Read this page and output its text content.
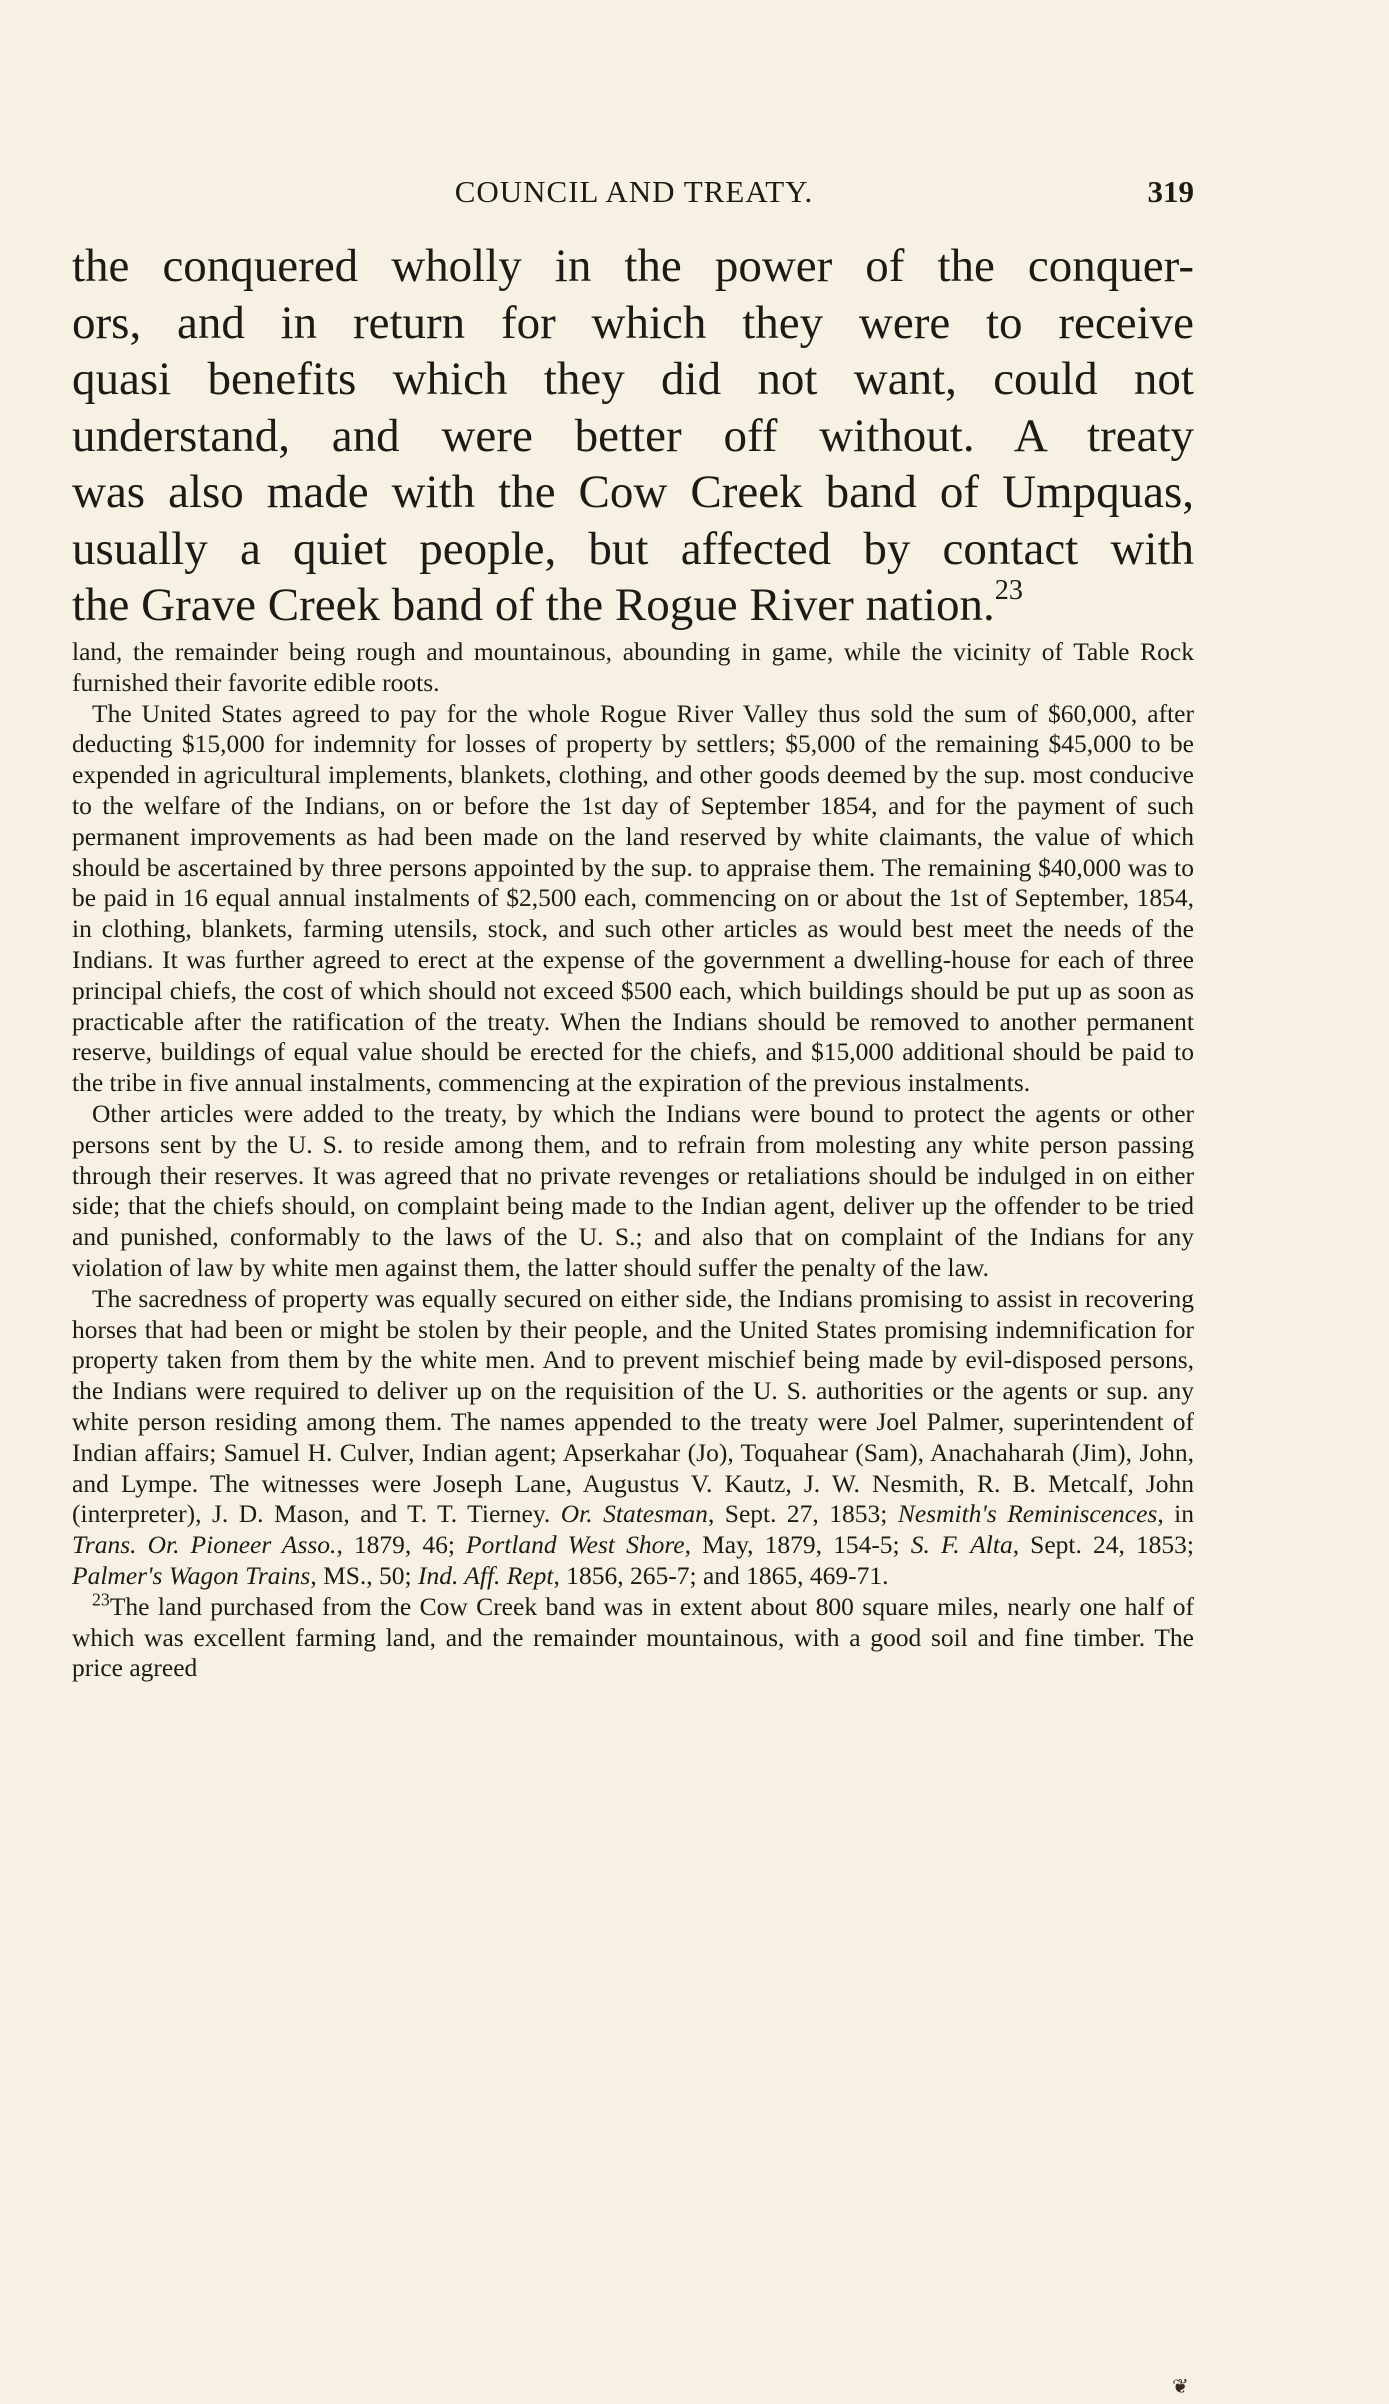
COUNCIL AND TREATY.	319

the conquered wholly in the power of the conquer-

ors, and in return for which they were to receive

quasi benefits which they did not want, could not

understand, and were better off without. A treaty

was also made with the Cow Creek band of Umpquas,

usually a quiet people, but affected by contact with

the Grave Creek band of the Rogue River nation.$^{23}$

land, the remainder being rough and mountainous, abounding in game, while the vicinity of Table Rock furnished their favorite edible roots.

The United States agreed to pay for the whole Rogue River Valley thus sold the sum of $60,000, after deducting $15,000 for indemnity for losses of property by settlers; $5,000 of the remaining $45,000 to be expended in agricultural implements, blankets, clothing, and other goods deemed by the sup. most conducive to the welfare of the Indians, on or before the 1st day of September 1854, and for the payment of such permanent improvements as had been made on the land reserved by white claimants, the value of which should be ascertained by three persons appointed by the sup. to appraise them. The remaining $40,000 was to be paid in 16 equal annual instalments of $2,500 each, commencing on or about the 1st of September, 1854, in clothing, blankets, farming utensils, stock, and such other articles as would best meet the needs of the Indians. It was further agreed to erect at the expense of the government a dwelling-house for each of three principal chiefs, the cost of which should not exceed $500 each, which buildings should be put up as soon as practicable after the ratification of the treaty. When the Indians should be removed to another permanent reserve, buildings of equal value should be erected for the chiefs, and $15,000 additional should be paid to the tribe in five annual instalments, commencing at the expiration of the previous instalments.

Other articles were added to the treaty, by which the Indians were bound to protect the agents or other persons sent by the U. S. to reside among them, and to refrain from molesting any white person passing through their reserves. It was agreed that no private revenges or retaliations should be indulged in on either side; that the chiefs should, on complaint being made to the Indian agent, deliver up the offender to be tried and punished, conformably to the laws of the U. S.; and also that on complaint of the Indians for any violation of law by white men against them, the latter should suffer the penalty of the law.

The sacredness of property was equally secured on either side, the Indians promising to assist in recovering horses that had been or might be stolen by their people, and the United States promising indemnification for property taken from them by the white men. And to prevent mischief being made by evil-disposed persons, the Indians were required to deliver up on the requisition of the U. S. authorities or the agents or sup. any white person residing among them. The names appended to the treaty were Joel Palmer, superintendent of Indian affairs; Samuel H. Culver, Indian agent; Apserkahar (Jo), Toquahear (Sam), Anachaharah (Jim), John, and Lympe. The witnesses were Joseph Lane, Augustus V. Kautz, J. W. Nesmith, R. B. Metcalf, John (interpreter), J. D. Mason, and T. T. Tierney. Or. Statesman, Sept. 27, 1853; Nesmith's Reminiscences, in Trans. Or. Pioneer Asso., 1879, 46; Portland West Shore, May, 1879, 154-5; S. F. Alta, Sept. 24, 1853; Palmer's Wagon Trains, MS., 50; Ind. Aff. Rept, 1856, 265-7; and 1865, 469-71.

$^{23}$The land purchased from the Cow Creek band was in extent about 800 square miles, nearly one half of which was excellent farming land, and the remainder mountainous, with a good soil and fine timber. The price agreed

❦
